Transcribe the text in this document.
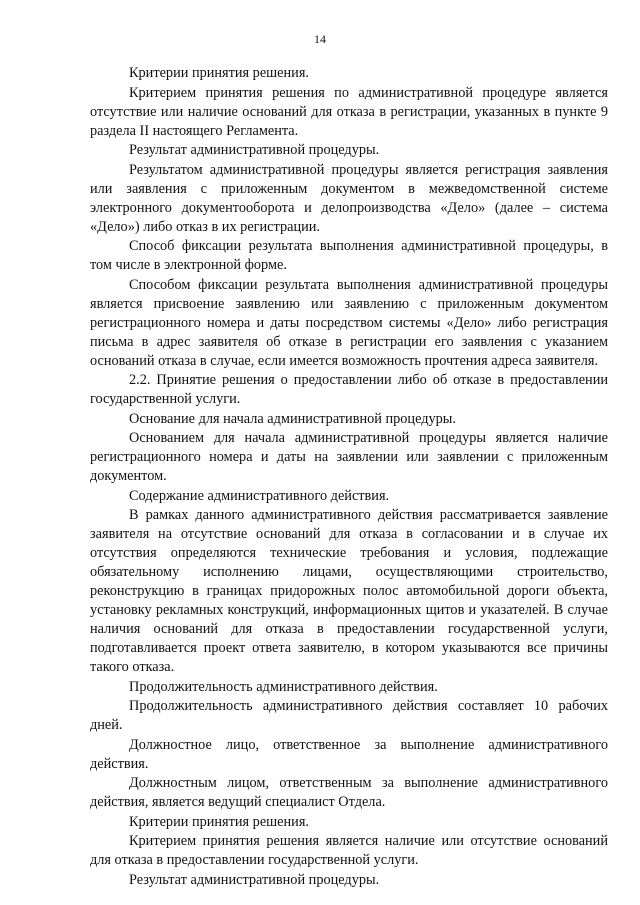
14

Критерии принятия решения.

Критерием принятия решения по административной процедуре является отсутствие или наличие оснований для отказа в регистрации, указанных в пункте 9 раздела II настоящего Регламента.

Результат административной процедуры.

Результатом административной процедуры является регистрация заявления или заявления с приложенным документом в межведомственной системе электронного документооборота и делопроизводства «Дело» (далее – система «Дело») либо отказ в их регистрации.

Способ фиксации результата выполнения административной процедуры, в том числе в электронной форме.

Способом фиксации результата выполнения административной процедуры является присвоение заявлению или заявлению с приложенным документом регистрационного номера и даты посредством системы «Дело» либо регистрация письма в адрес заявителя об отказе в регистрации его заявления с указанием оснований отказа в случае, если имеется возможность прочтения адреса заявителя.

2.2. Принятие решения о предоставлении либо об отказе в предоставлении государственной услуги.

Основание для начала административной процедуры.

Основанием для начала административной процедуры является наличие регистрационного номера и даты на заявлении или заявлении с приложенным документом.

Содержание административного действия.

В рамках данного административного действия рассматривается заявление заявителя на отсутствие оснований для отказа в согласовании и в случае их отсутствия определяются технические требования и условия, подлежащие обязательному исполнению лицами, осуществляющими строительство, реконструкцию в границах придорожных полос автомобильной дороги объекта, установку рекламных конструкций, информационных щитов и указателей. В случае наличия оснований для отказа в предоставлении государственной услуги, подготавливается проект ответа заявителю, в котором указываются все причины такого отказа.

Продолжительность административного действия.

Продолжительность административного действия составляет 10 рабочих дней.

Должностное лицо, ответственное за выполнение административного действия.

Должностным лицом, ответственным за выполнение административного действия, является ведущий специалист Отдела.

Критерии принятия решения.

Критерием принятия решения является наличие или отсутствие оснований для отказа в предоставлении государственной услуги.

Результат административной процедуры.
